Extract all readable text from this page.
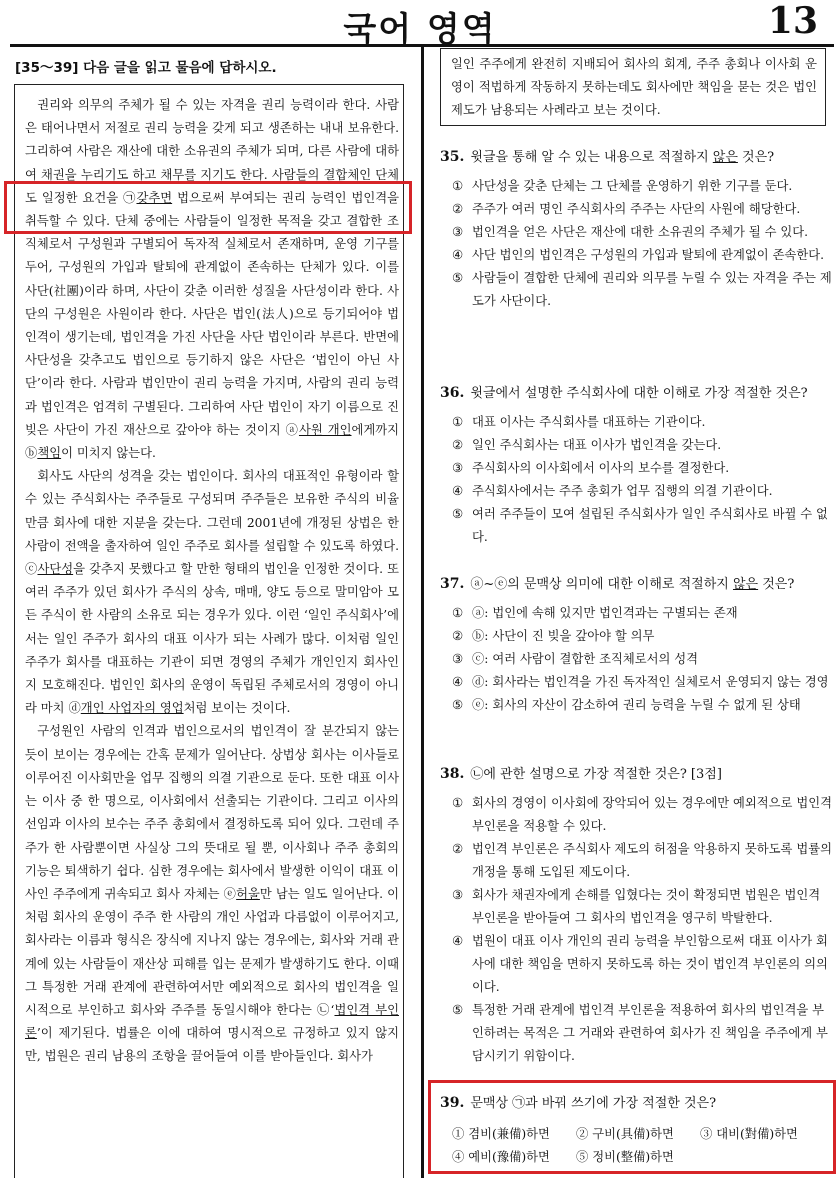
국어 영역	13
[35～39] 다음 글을 읽고 물음에 답하시오.

권리와 의무의 주체가 될 수 있는 자격을 권리 능력이라 한다. 사람은 태어나면서 저절로 권리 능력을 갖게 되고 생존하는 내내 보유한다. 그리하여 사람은 재산에 대한 소유권의 주체가 되며, 다른 사람에 대하여 채권을 누리기도 하고 채무를 지기도 한다. 사람들의 결합체인 단체도 일정한 요건을 ㉠갖추면 법으로써 부여되는 권리 능력인 법인격을 취득할 수 있다. 단체 중에는 사람들이 일정한 목적을 갖고 결합한 조직체로서 구성원과 구별되어 독자적 실체로서 존재하며, 운영 기구를 두어, 구성원의 가입과 탈퇴에 관계없이 존속하는 단체가 있다. 이를 사단(社團)이라 하며, 사단이 갖춘 이러한 성질을 사단성이라 한다. 사단의 구성원은 사원이라 한다. 사단은 법인(法人)으로 등기되어야 법인격이 생기는데, 법인격을 가진 사단을 사단 법인이라 부른다. 반면에 사단성을 갖추고도 법인으로 등기하지 않은 사단은 ‘법인이 아닌 사단’이라 한다. 사람과 법인만이 권리 능력을 가지며, 사람의 권리 능력과 법인격은 엄격히 구별된다. 그리하여 사단 법인이 자기 이름으로 진 빚은 사단이 가진 재산으로 갚아야 하는 것이지 ⓐ사원 개인에게까지 ⓑ책임이 미치지 않는다.

회사도 사단의 성격을 갖는 법인이다. 회사의 대표적인 유형이라 할 수 있는 주식회사는 주주들로 구성되며 주주들은 보유한 주식의 비율만큼 회사에 대한 지분을 갖는다. 그런데 2001년에 개정된 상법은 한 사람이 전액을 출자하여 일인 주주로 회사를 설립할 수 있도록 하였다. ⓒ사단성을 갖추지 못했다고 할 만한 형태의 법인을 인정한 것이다. 또 여러 주주가 있던 회사가 주식의 상속, 매매, 양도 등으로 말미암아 모든 주식이 한 사람의 소유로 되는 경우가 있다. 이런 ‘일인 주식회사’에서는 일인 주주가 회사의 대표 이사가 되는 사례가 많다. 이처럼 일인 주주가 회사를 대표하는 기관이 되면 경영의 주체가 개인인지 회사인지 모호해진다. 법인인 회사의 운영이 독립된 주체로서의 경영이 아니라 마치 ⓓ개인 사업자의 영업처럼 보이는 것이다.

구성원인 사람의 인격과 법인으로서의 법인격이 잘 분간되지 않는 듯이 보이는 경우에는 간혹 문제가 일어난다. 상법상 회사는 이사들로 이루어진 이사회만을 업무 집행의 의결 기관으로 둔다. 또한 대표 이사는 이사 중 한 명으로, 이사회에서 선출되는 기관이다. 그리고 이사의 선임과 이사의 보수는 주주 총회에서 결정하도록 되어 있다. 그런데 주주가 한 사람뿐이면 사실상 그의 뜻대로 될 뿐, 이사회나 주주 총회의 기능은 퇴색하기 쉽다. 심한 경우에는 회사에서 발생한 이익이 대표 이사인 주주에게 귀속되고 회사 자체는 ⓔ허울만 남는 일도 일어난다. 이처럼 회사의 운영이 주주 한 사람의 개인 사업과 다름없이 이루어지고, 회사라는 이름과 형식은 장식에 지나지 않는 경우에는, 회사와 거래 관계에 있는 사람들이 재산상 피해를 입는 문제가 발생하기도 한다. 이때 그 특정한 거래 관계에 관련하여서만 예외적으로 회사의 법인격을 일시적으로 부인하고 회사와 주주를 동일시해야 한다는 ㉡‘법인격 부인론’이 제기된다. 법률은 이에 대하여 명시적으로 규정하고 있지 않지만, 법원은 권리 남용의 조항을 끌어들여 이를 받아들인다. 회사가

일인 주주에게 완전히 지배되어 회사의 회계, 주주 총회나 이사회 운영이 적법하게 작동하지 못하는데도 회사에만 책임을 묻는 것은 법인 제도가 남용되는 사례라고 보는 것이다.
35. 윗글을 통해 알 수 있는 내용으로 적절하지 않은 것은?
① 사단성을 갖춘 단체는 그 단체를 운영하기 위한 기구를 둔다.
② 주주가 여러 명인 주식회사의 주주는 사단의 사원에 해당한다.
③ 법인격을 얻은 사단은 재산에 대한 소유권의 주체가 될 수 있다.
④ 사단 법인의 법인격은 구성원의 가입과 탈퇴에 관계없이 존속한다.
⑤ 사람들이 결합한 단체에 권리와 의무를 누릴 수 있는 자격을 주는 제도가 사단이다.
36. 윗글에서 설명한 주식회사에 대한 이해로 가장 적절한 것은?
① 대표 이사는 주식회사를 대표하는 기관이다.
② 일인 주식회사는 대표 이사가 법인격을 갖는다.
③ 주식회사의 이사회에서 이사의 보수를 결정한다.
④ 주식회사에서는 주주 총회가 업무 집행의 의결 기관이다.
⑤ 여러 주주들이 모여 설립된 주식회사가 일인 주식회사로 바뀔 수 없다.
37. ⓐ~ⓔ의 문맥상 의미에 대한 이해로 적절하지 않은 것은?
① ⓐ: 법인에 속해 있지만 법인격과는 구별되는 존재
② ⓑ: 사단이 진 빚을 갚아야 할 의무
③ ⓒ: 여러 사람이 결합한 조직체로서의 성격
④ ⓓ: 회사라는 법인격을 가진 독자적인 실체로서 운영되지 않는 경영
⑤ ⓔ: 회사의 자산이 감소하여 권리 능력을 누릴 수 없게 된 상태
38. ㉡에 관한 설명으로 가장 적절한 것은? [3점]
① 회사의 경영이 이사회에 장악되어 있는 경우에만 예외적으로 법인격 부인론을 적용할 수 있다.
② 법인격 부인론은 주식회사 제도의 허점을 악용하지 못하도록 법률의 개정을 통해 도입된 제도이다.
③ 회사가 채권자에게 손해를 입혔다는 것이 확정되면 법원은 법인격 부인론을 받아들여 그 회사의 법인격을 영구히 박탈한다.
④ 법원이 대표 이사 개인의 권리 능력을 부인함으로써 대표 이사가 회사에 대한 책임을 면하지 못하도록 하는 것이 법인격 부인론의 의의이다.
⑤ 특정한 거래 관계에 법인격 부인론을 적용하여 회사의 법인격을 부인하려는 목적은 그 거래와 관련하여 회사가 진 책임을 주주에게 부담시키기 위함이다.
39. 문맥상 ㉠과 바꿔 쓰기에 가장 적절한 것은?
① 겸비(兼備)하면 ② 구비(具備)하면 ③ 대비(對備)하면
④ 예비(豫備)하면 ⑤ 정비(整備)하면
